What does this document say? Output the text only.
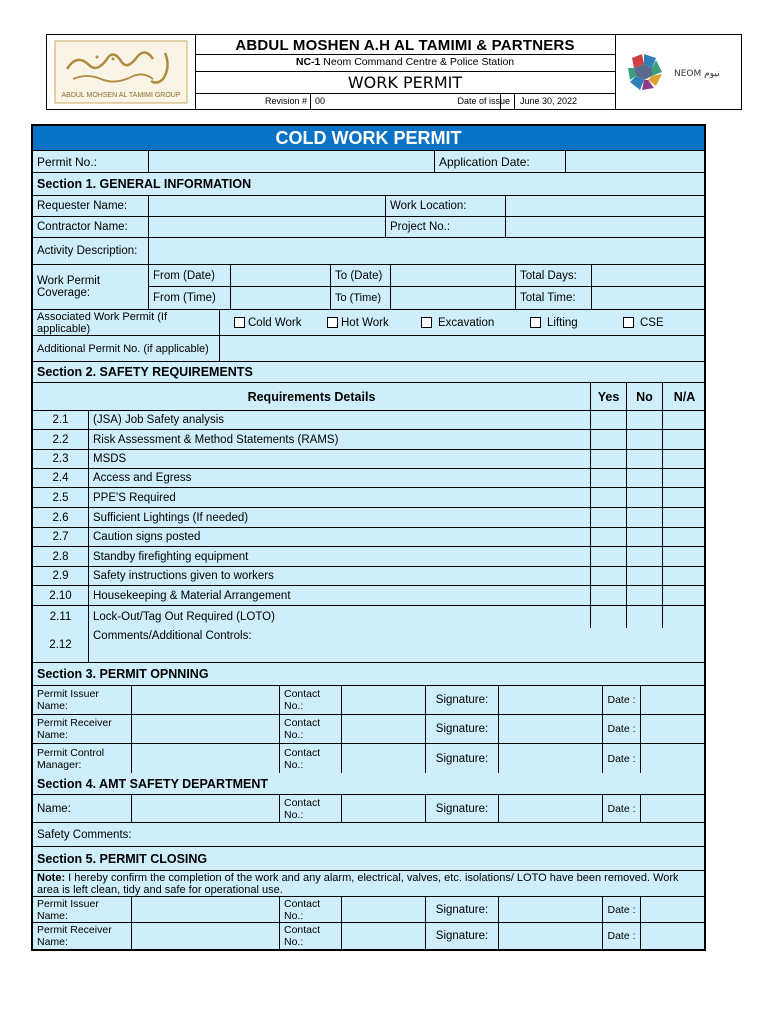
ABDUL MOHSEN AL TAMIMI GROUP
ABDUL MOSHEN A.H AL TAMIMI & PARTNERS
NC-1 Neom Command Centre & Police Station
WORK PERMIT
Revision # 00	Date of issue	June 30, 2022
NEOM نيوم
COLD WORK PERMIT
Permit No.:	Application Date:
Section 1. GENERAL INFORMATION
Requester Name:	Work Location:
Contractor Name:	Project No.:
Activity Description:
Work Permit Coverage:
From (Date)	To (Date)	Total Days:
From (Time)	To (Time)	Total Time:
Associated Work Permit (If applicable)	Cold Work	Hot Work	Excavation	Lifting	CSE
Additional Permit No. (if applicable)
Section 2. SAFETY REQUIREMENTS
Requirements Details	Yes	No	N/A
2.1	(JSA) Job Safety analysis
2.2	Risk Assessment & Method Statements (RAMS)
2.3	MSDS
2.4	Access and Egress
2.5	PPE'S Required
2.6	Sufficient Lightings (If needed)
2.7	Caution signs posted
2.8	Standby firefighting equipment
2.9	Safety instructions given to workers
2.10	Housekeeping & Material Arrangement
2.11	Lock-Out/Tag Out Required (LOTO)
2.12
Comments/Additional Controls:
Section 3. PERMIT OPNNING
Permit Issuer Name:
Contact No.:	Signature:	Date :
Permit Receiver Name:
Contact No.:	Signature:	Date :
Permit Control Manager:
Contact No.:	Signature:	Date :
Section 4. AMT SAFETY DEPARTMENT
Name:	Contact No.:	Signature:	Date :
Safety Comments:
Section 5. PERMIT CLOSING
Note: I hereby confirm the completion of the work and any alarm, electrical, valves, etc. isolations/ LOTO have been removed. Work area is left clean, tidy and safe for operational use.
Permit Issuer Name:
Contact No.:	Signature:	Date :
Permit Receiver Name:
Contact No.:	Signature:	Date :
